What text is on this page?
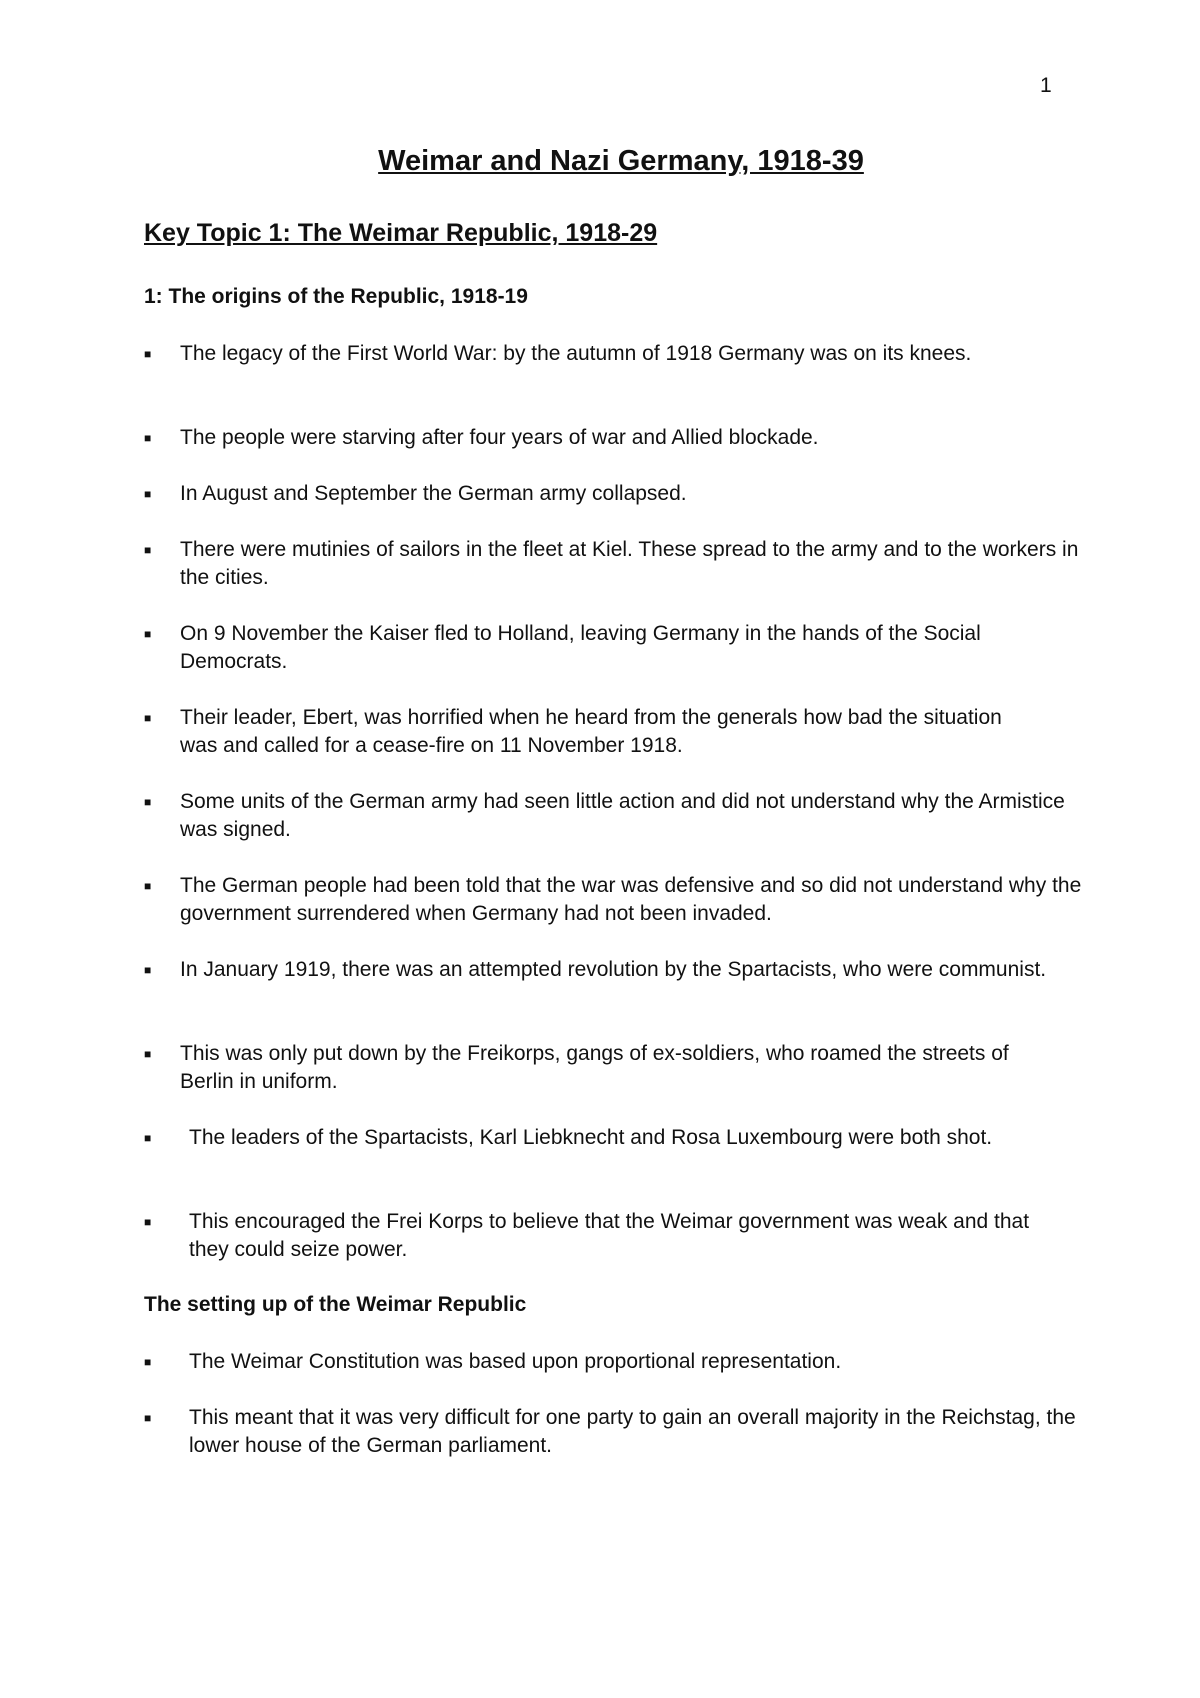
1
Weimar and Nazi Germany, 1918-39
Key Topic 1: The Weimar Republic, 1918-29
1: The origins of the Republic, 1918-19
■ The legacy of the First World War: by the autumn of 1918 Germany was on its knees.
■ The people were starving after four years of war and Allied blockade.
■ In August and September the German army collapsed.
■ There were mutinies of sailors in the fleet at Kiel. These spread to the army and to the workers in the cities.
■ On 9 November the Kaiser fled to Holland, leaving Germany in the hands of the Social Democrats.
■ Their leader, Ebert, was horrified when he heard from the generals how bad the situation was and called for a cease-fire on 11 November 1918.
■ Some units of the German army had seen little action and did not understand why the Armistice was signed.
■ The German people had been told that the war was defensive and so did not understand why the government surrendered when Germany had not been invaded.
■ In January 1919, there was an attempted revolution by the Spartacists, who were communist.
■ This was only put down by the Freikorps, gangs of ex-soldiers, who roamed the streets of Berlin in uniform.
■ The leaders of the Spartacists, Karl Liebknecht and Rosa Luxembourg were both shot.
■ This encouraged the Frei Korps to believe that the Weimar government was weak and that they could seize power.
The setting up of the Weimar Republic
■ The Weimar Constitution was based upon proportional representation.
■ This meant that it was very difficult for one party to gain an overall majority in the Reichstag, the lower house of the German parliament.
